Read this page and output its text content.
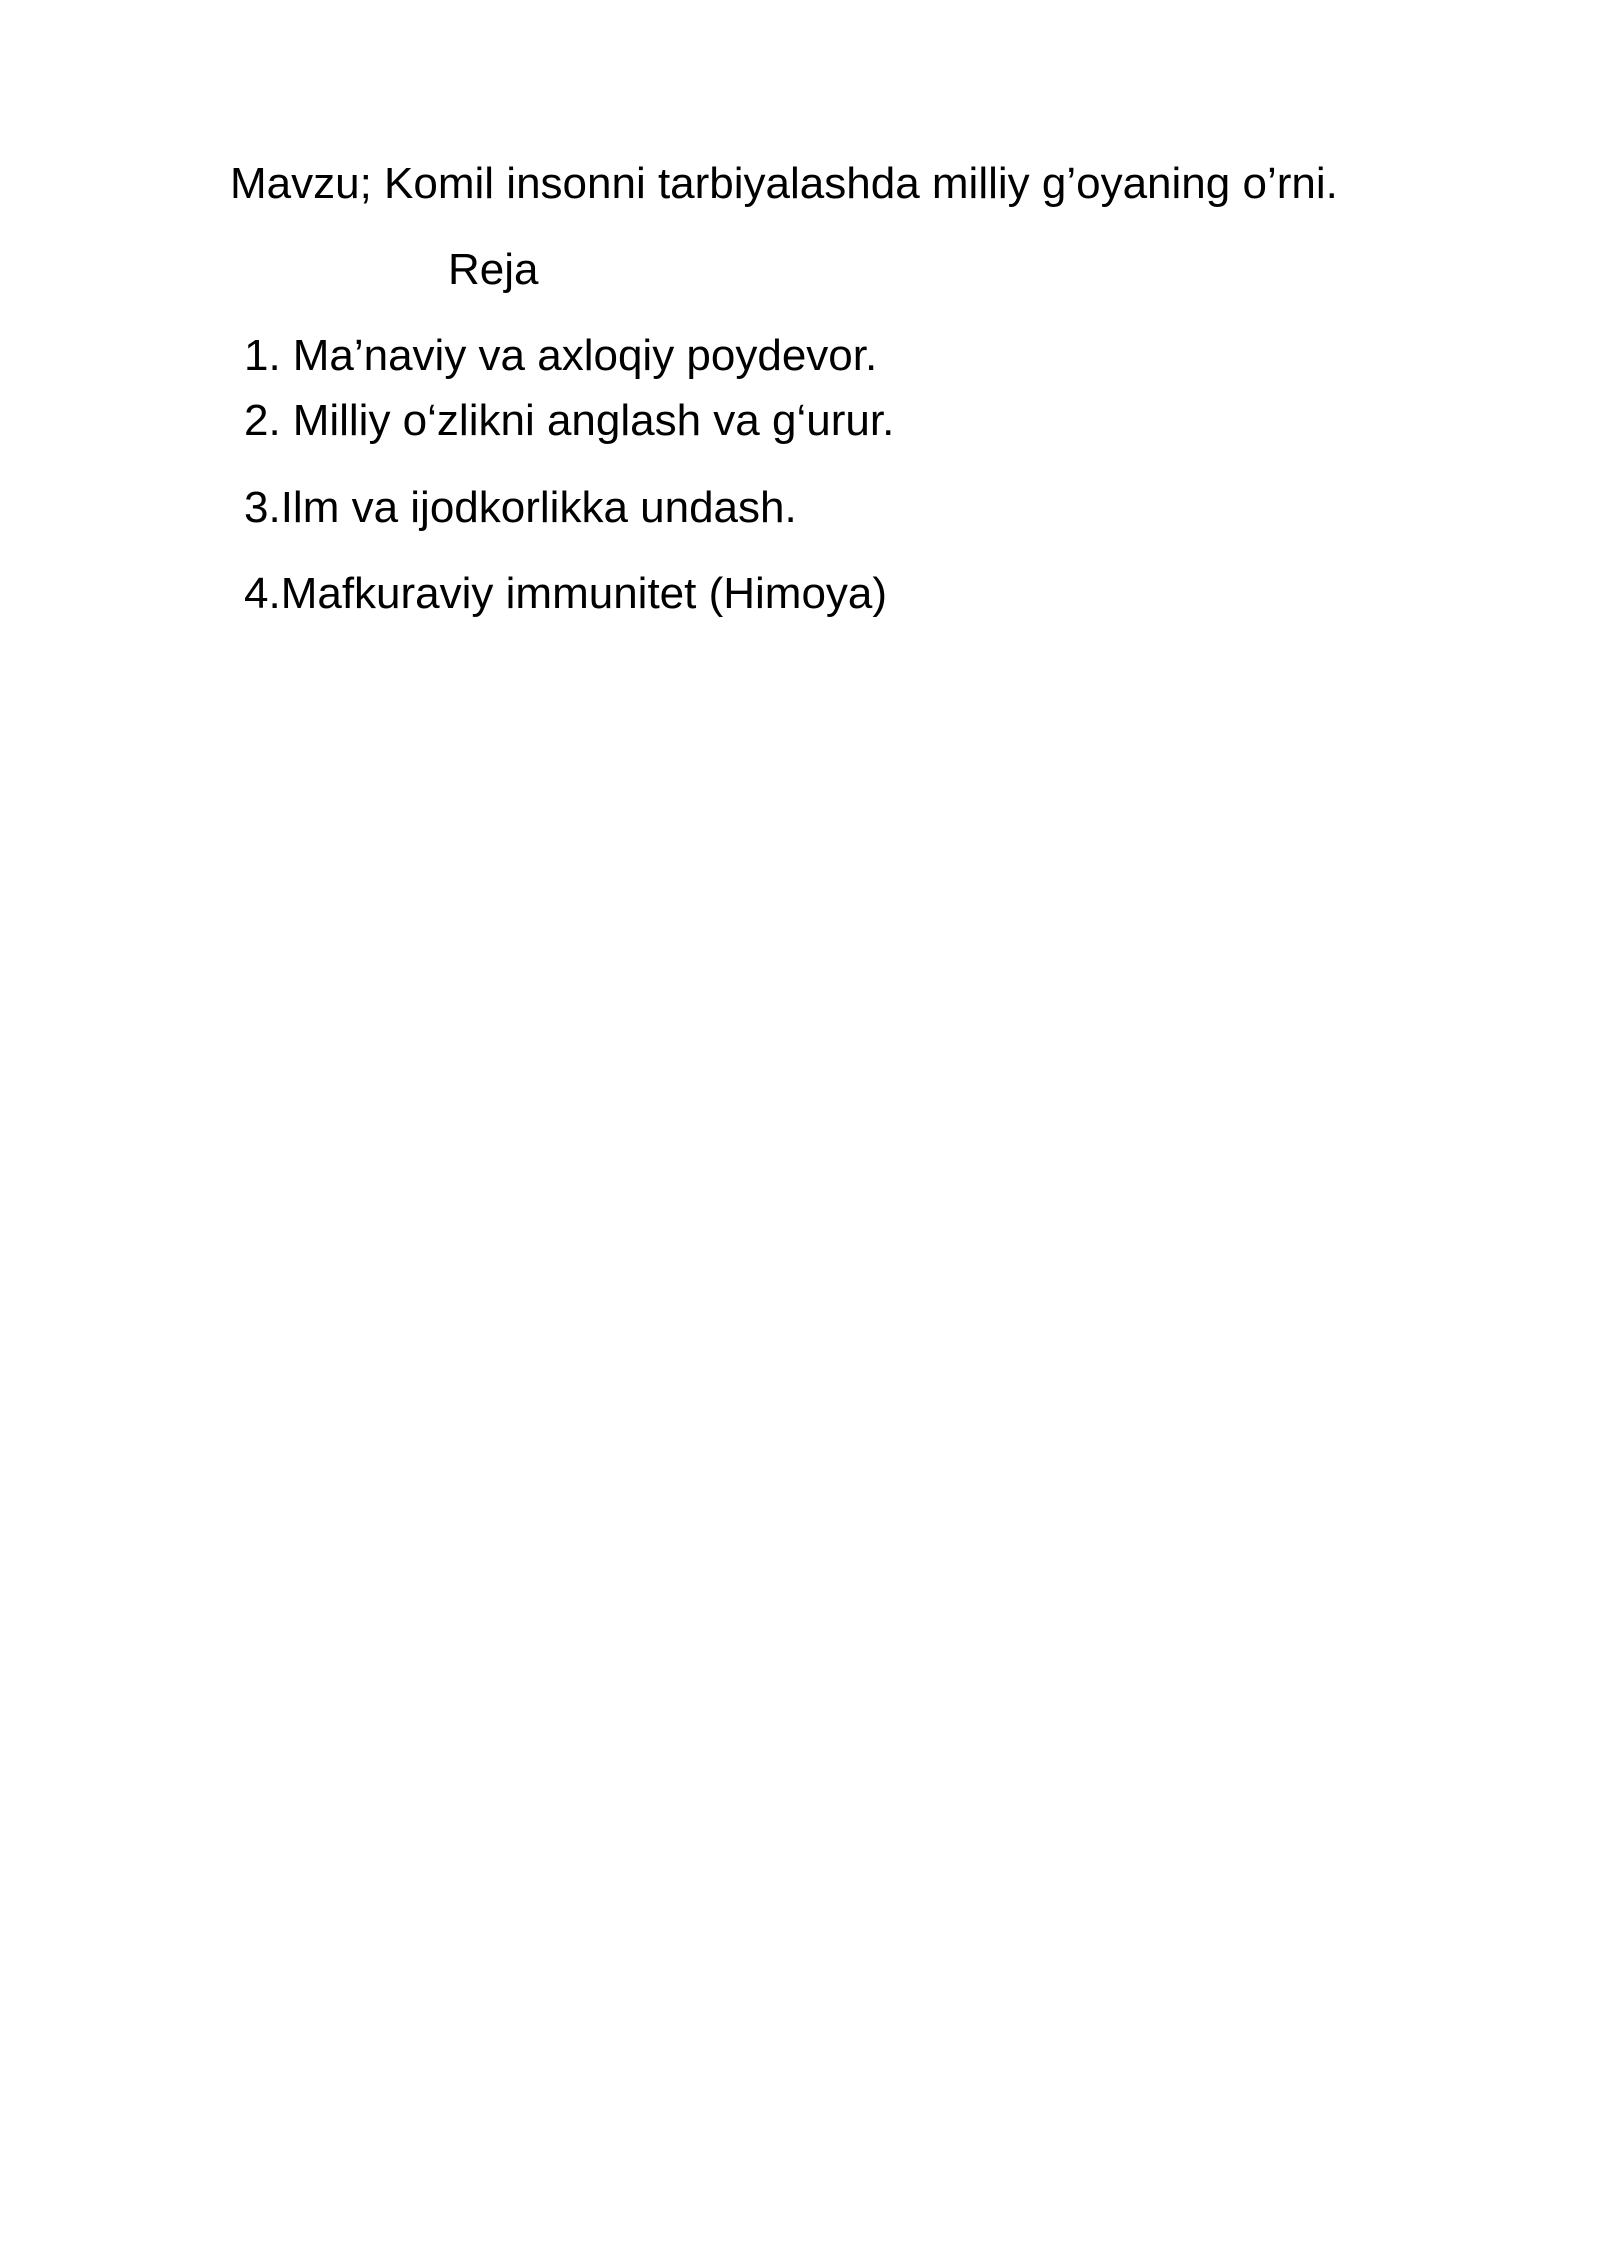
Mavzu; Komil insonni tarbiyalashda milliy g’oyaning o’rni.
Reja
1. Ma’naviy va axloqiy poydevor.
2. Milliy o‘zlikni anglash va g‘urur.
3.Ilm va ijodkorlikka undash.
4.Mafkuraviy immunitet (Himoya)
